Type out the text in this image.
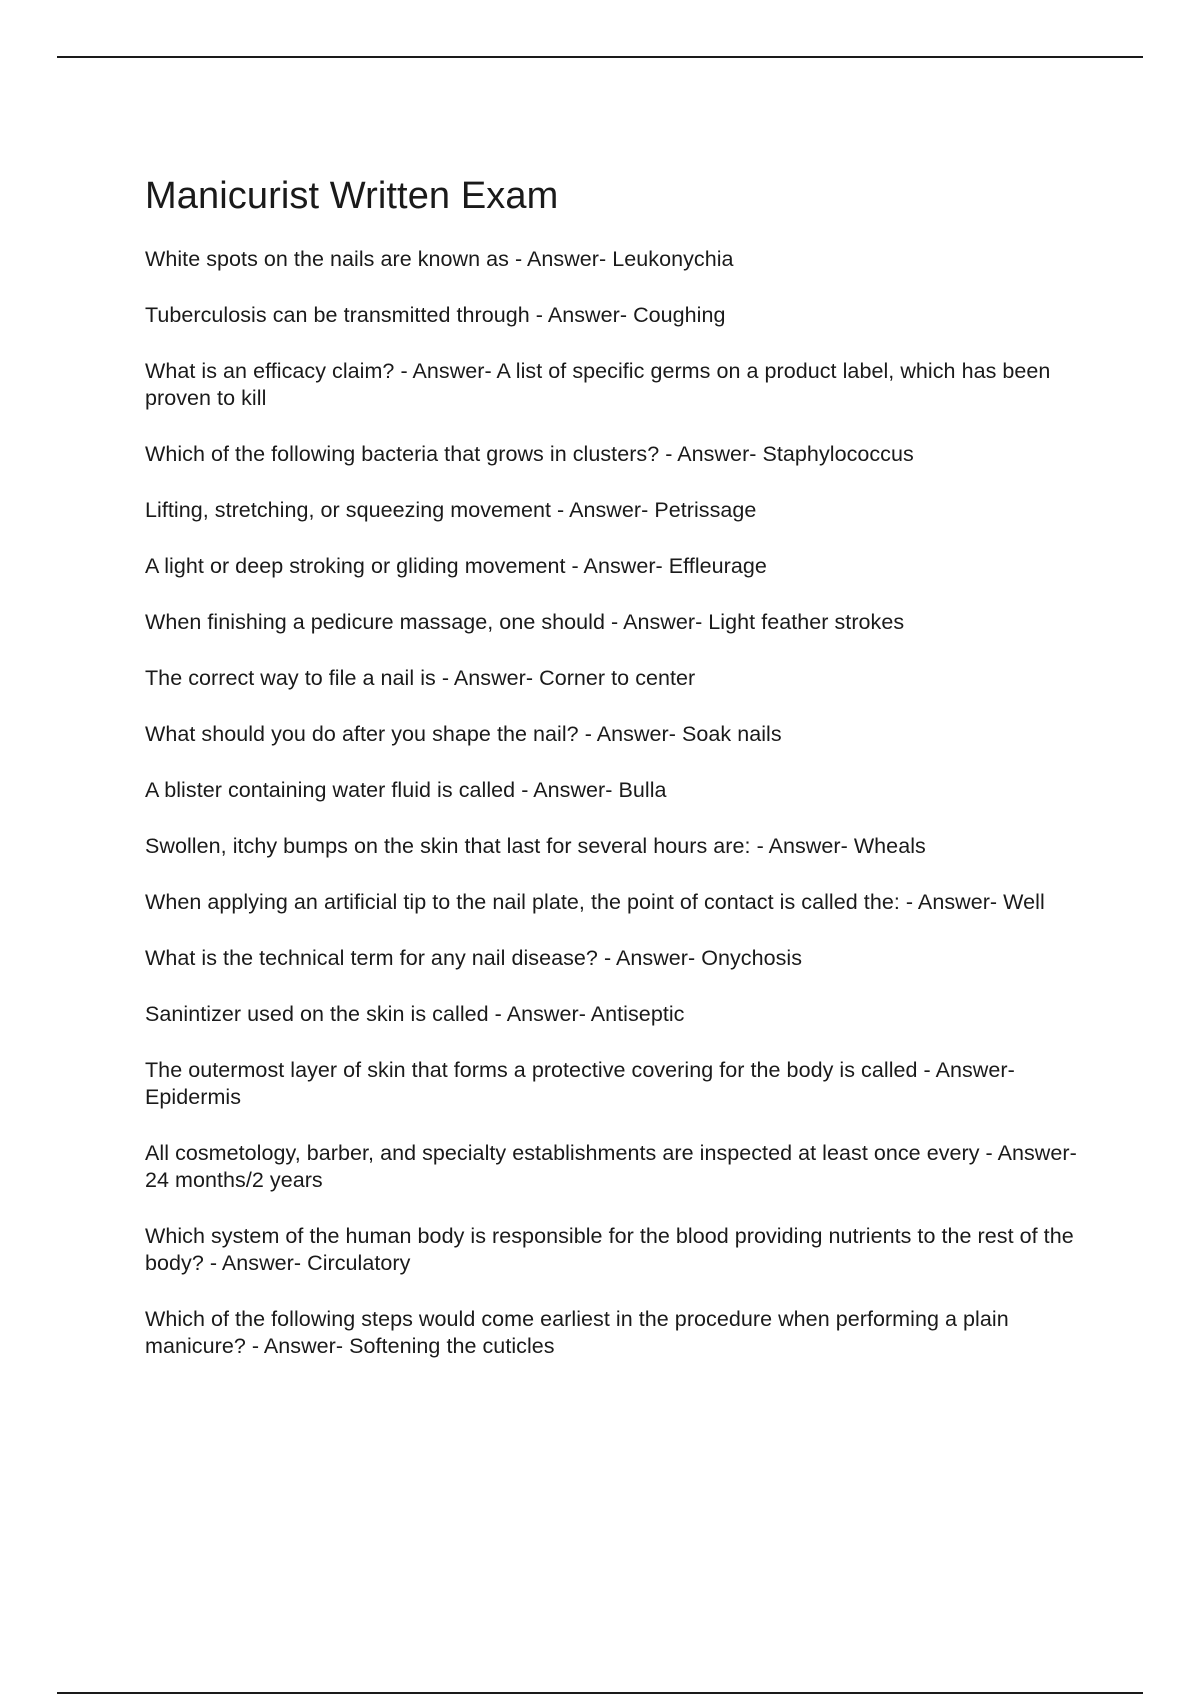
Manicurist Written Exam
White spots on the nails are known as - Answer- Leukonychia
Tuberculosis can be transmitted through - Answer- Coughing
What is an efficacy claim? - Answer- A list of specific germs on a product label, which has been proven to kill
Which of the following bacteria that grows in clusters? - Answer- Staphylococcus
Lifting, stretching, or squeezing movement - Answer- Petrissage
A light or deep stroking or gliding movement - Answer- Effleurage
When finishing a pedicure massage, one should - Answer- Light feather strokes
The correct way to file a nail is - Answer- Corner to center
What should you do after you shape the nail? - Answer- Soak nails
A blister containing water fluid is called - Answer- Bulla
Swollen, itchy bumps on the skin that last for several hours are: - Answer- Wheals
When applying an artificial tip to the nail plate, the point of contact is called the: - Answer- Well
What is the technical term for any nail disease? - Answer- Onychosis
Sanintizer used on the skin is called - Answer- Antiseptic
The outermost layer of skin that forms a protective covering for the body is called - Answer- Epidermis
All cosmetology, barber, and specialty establishments are inspected at least once every - Answer- 24 months/2 years
Which system of the human body is responsible for the blood providing nutrients to the rest of the body? - Answer- Circulatory
Which of the following steps would come earliest in the procedure when performing a plain manicure? - Answer- Softening the cuticles
